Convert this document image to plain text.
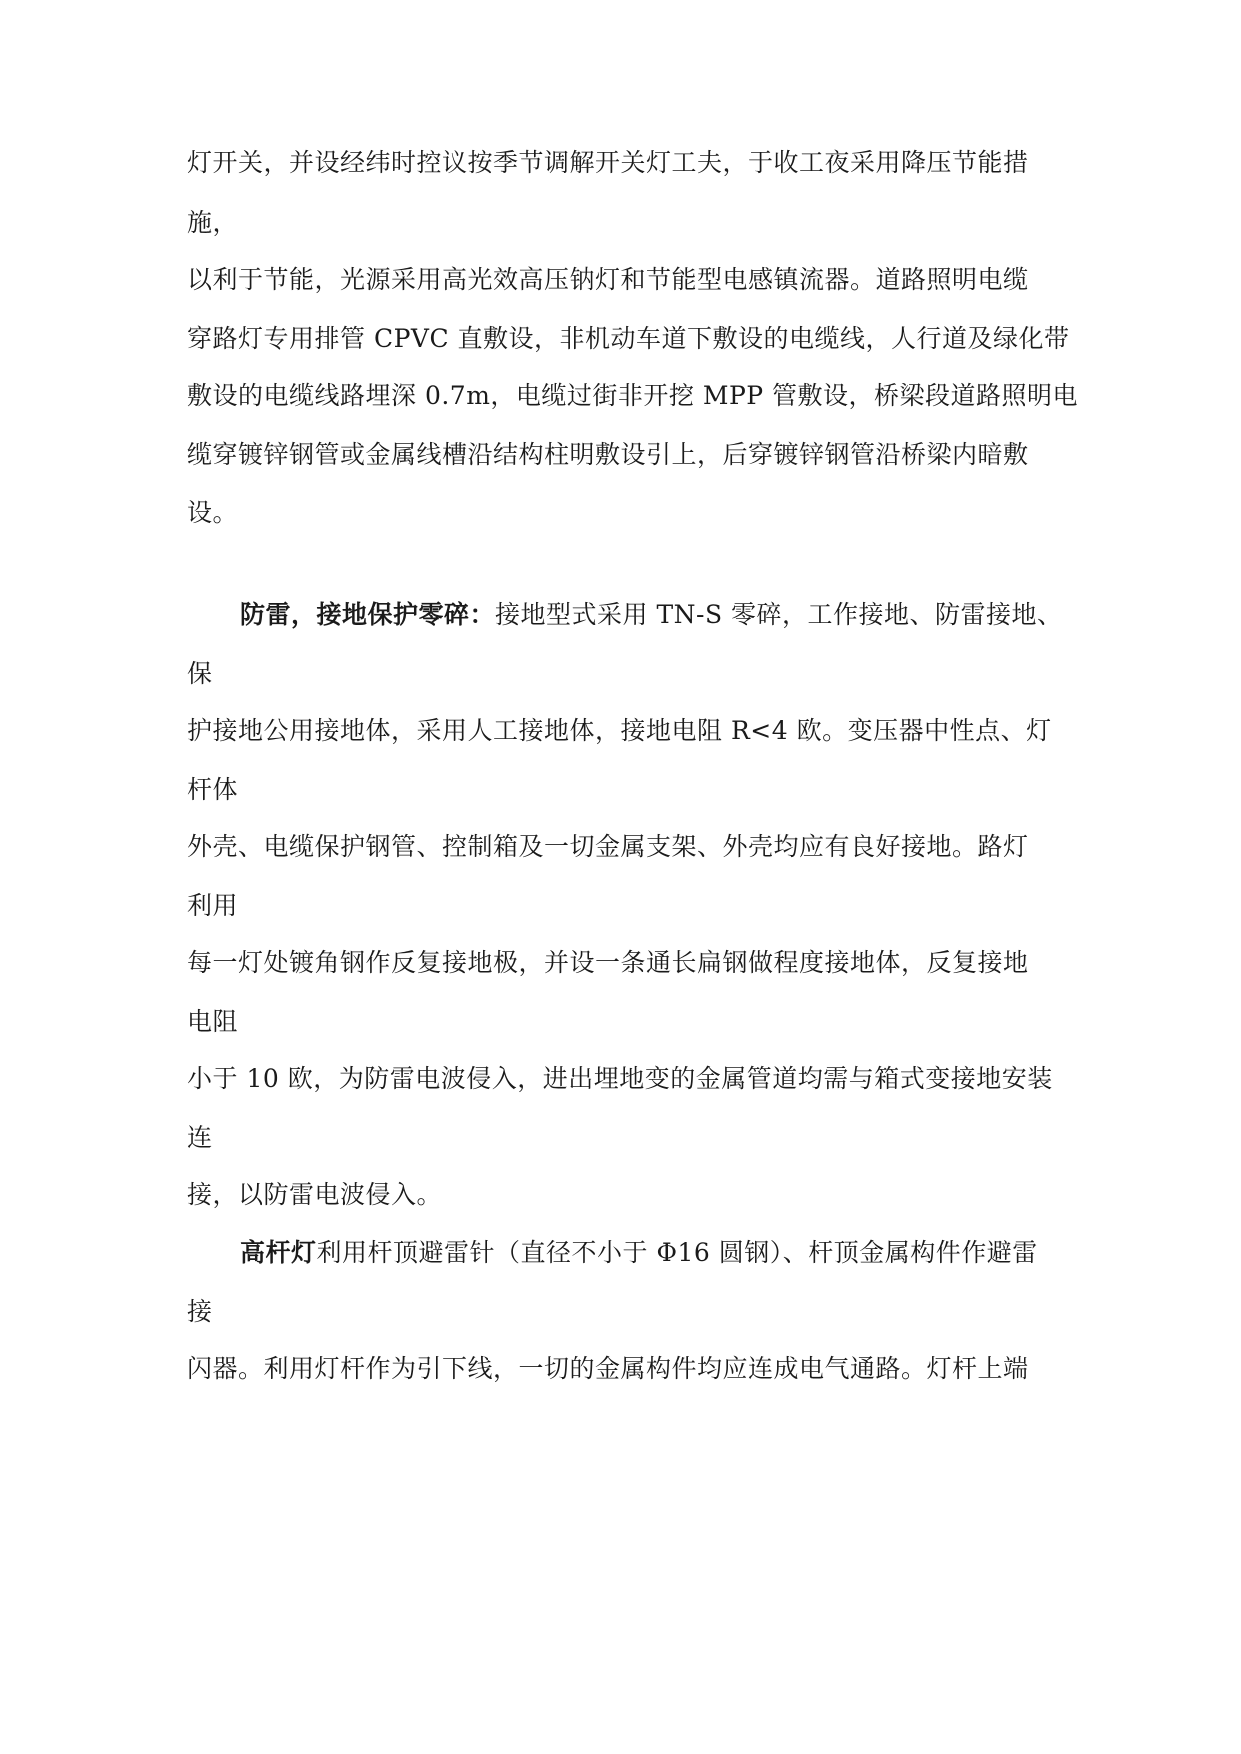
灯开关，并设经纬时控议按季节调解开关灯工夫，于收工夜采用降压节能措
施，
以利于节能，光源采用高光效高压钠灯和节能型电感镇流器。道路照明电缆
穿路灯专用排管 CPVC 直敷设，非机动车道下敷设的电缆线，人行道及绿化带
敷设的电缆线路埋深 0.7m，电缆过街非开挖 MPP 管敷设，桥梁段道路照明电
缆穿镀锌钢管或金属线槽沿结构柱明敷设引上，后穿镀锌钢管沿桥梁内暗敷
设。
防雷，接地保护零碎：接地型式采用 TN-S 零碎，工作接地、防雷接地、
保
护接地公用接地体，采用人工接地体，接地电阻 R<4 欧。变压器中性点、灯
杆体
外壳、电缆保护钢管、控制箱及一切金属支架、外壳均应有良好接地。路灯
利用
每一灯处镀角钢作反复接地极，并设一条通长扁钢做程度接地体，反复接地
电阻
小于 10 欧，为防雷电波侵入，进出埋地变的金属管道均需与箱式变接地安装
连
接，以防雷电波侵入。
高杆灯利用杆顶避雷针（直径不小于 Φ16 圆钢）、杆顶金属构件作避雷
接
闪器。利用灯杆作为引下线，一切的金属构件均应连成电气通路。灯杆上端
